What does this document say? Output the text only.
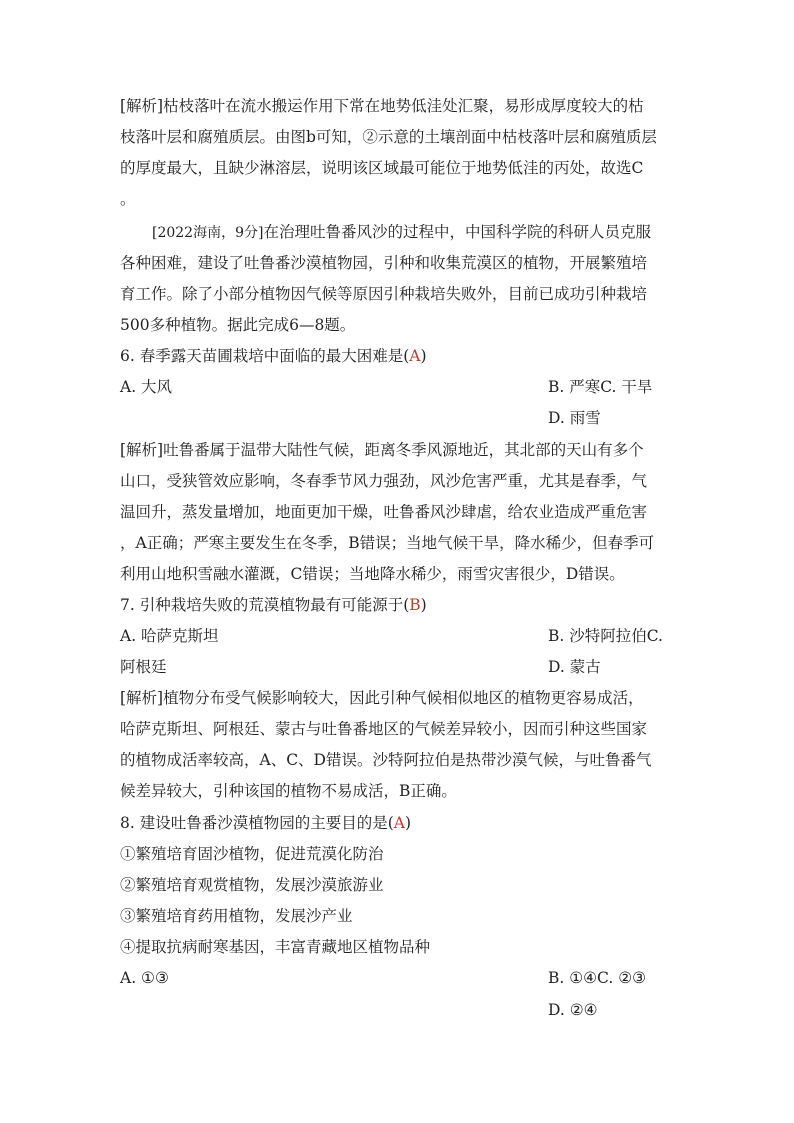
[解析]枯枝落叶在流水搬运作用下常在地势低洼处汇聚，易形成厚度较大的枯
枝落叶层和腐殖质层。由图b可知，②示意的土壤剖面中枯枝落叶层和腐殖质层
的厚度最大，且缺少淋溶层，说明该区域最可能位于地势低洼的丙处，故选C
。
[2022海南，9分]在治理吐鲁番风沙的过程中，中国科学院的科研人员克服
各种困难，建设了吐鲁番沙漠植物园，引种和收集荒漠区的植物，开展繁殖培
育工作。除了小部分植物因气候等原因引种栽培失败外，目前已成功引种栽培
500多种植物。据此完成6—8题。
6. 春季露天苗圃栽培中面临的最大困难是(A)
A. 大风	B. 严寒C. 干旱
D. 雨雪
[解析]吐鲁番属于温带大陆性气候，距离冬季风源地近，其北部的天山有多个
山口，受狭管效应影响，冬春季节风力强劲，风沙危害严重，尤其是春季，气
温回升，蒸发量增加，地面更加干燥，吐鲁番风沙肆虐，给农业造成严重危害
，A正确；严寒主要发生在冬季，B错误；当地气候干旱，降水稀少，但春季可
利用山地积雪融水灌溉，C错误；当地降水稀少，雨雪灾害很少，D错误。
7. 引种栽培失败的荒漠植物最有可能源于(B)
A. 哈萨克斯坦	B. 沙特阿拉伯C.
阿根廷	D. 蒙古
[解析]植物分布受气候影响较大，因此引种气候相似地区的植物更容易成活，
哈萨克斯坦、阿根廷、蒙古与吐鲁番地区的气候差异较小，因而引种这些国家
的植物成活率较高，A、C、D错误。沙特阿拉伯是热带沙漠气候，与吐鲁番气
候差异较大，引种该国的植物不易成活，B正确。
8. 建设吐鲁番沙漠植物园的主要目的是(A)
①繁殖培育固沙植物，促进荒漠化防治
②繁殖培育观赏植物，发展沙漠旅游业
③繁殖培育药用植物，发展沙产业
④提取抗病耐寒基因，丰富青藏地区植物品种
A. ①③	B. ①④C. ②③
D. ②④
